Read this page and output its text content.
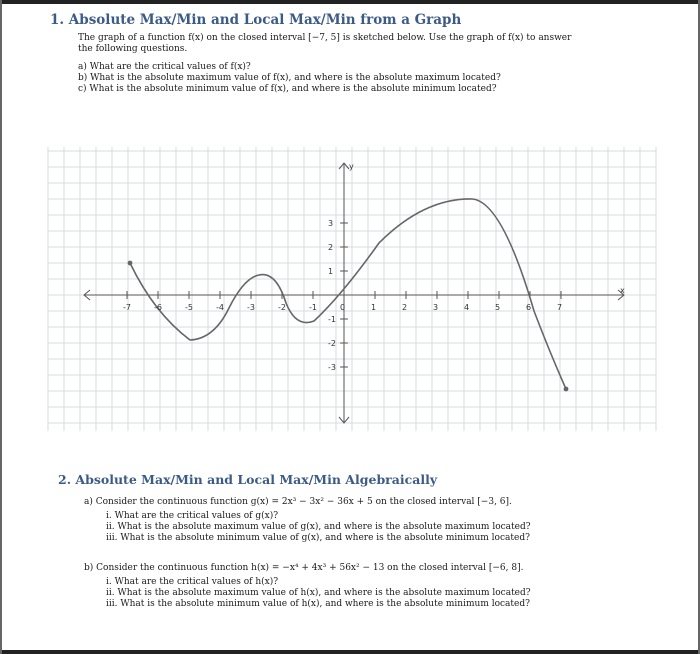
1. Absolute Max/Min and Local Max/Min from a Graph
The graph of a function f(x) on the closed interval [−7, 5] is sketched below. Use the graph of f(x) to answer
the following questions.
a) What are the critical values of f(x)?
b) What is the absolute maximum value of f(x), and where is the absolute maximum located?
c) What is the absolute minimum value of f(x), and where is the absolute minimum located?
-7	-6	-5	-4	-3	-2	-1	0	1	2	3	4	5	6	7
3
2
1
-1
-2
-3
x
y
2. Absolute Max/Min and Local Max/Min Algebraically
a) Consider the continuous function g(x) = 2x³ − 3x² − 36x + 5 on the closed interval [−3, 6].
i. What are the critical values of g(x)?
ii. What is the absolute maximum value of g(x), and where is the absolute maximum located?
iii. What is the absolute minimum value of g(x), and where is the absolute minimum located?
b) Consider the continuous function h(x) = −x⁴ + 4x³ + 56x² − 13 on the closed interval [−6, 8].
i. What are the critical values of h(x)?
ii. What is the absolute maximum value of h(x), and where is the absolute maximum located?
iii. What is the absolute minimum value of h(x), and where is the absolute minimum located?
